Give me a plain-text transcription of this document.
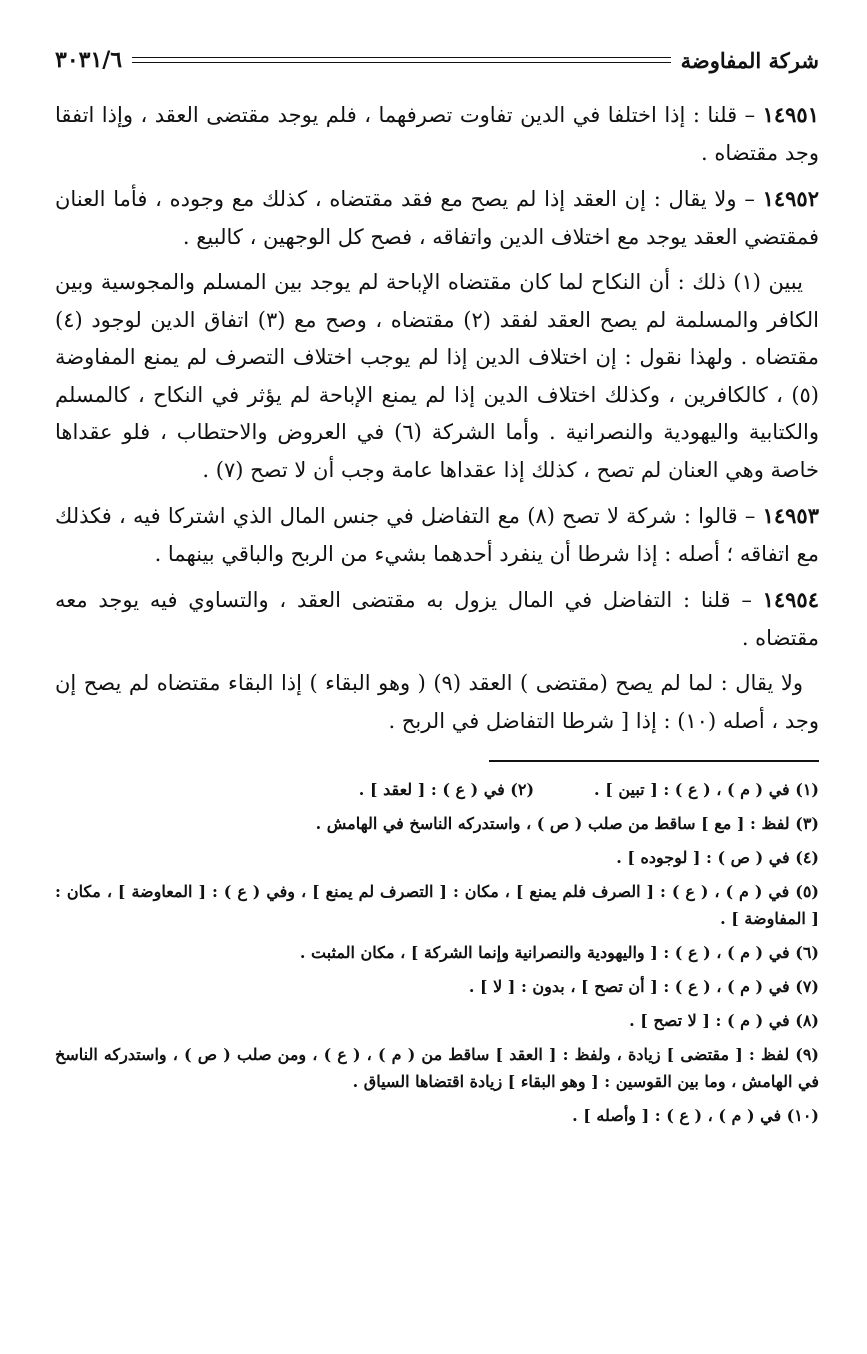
شركة المفاوضة
٣٠٣١/٦

١٤٩٥١ – قلنا : إذا اختلفا في الدين تفاوت تصرفهما ، فلم يوجد مقتضى العقد ، وإذا اتفقا وجد مقتضاه .

١٤٩٥٢ – ولا يقال : إن العقد إذا لم يصح مع فقد مقتضاه ، كذلك مع وجوده ، فأما العنان فمقتضي العقد يوجد مع اختلاف الدين واتفاقه ، فصح كل الوجهين ، كالبيع .

يبين (١) ذلك : أن النكاح لما كان مقتضاه الإباحة لم يوجد بين المسلم والمجوسية وبين الكافر والمسلمة لم يصح العقد لفقد (٢) مقتضاه ، وصح مع (٣) اتفاق الدين لوجود (٤) مقتضاه . ولهذا نقول : إن اختلاف الدين إذا لم يوجب اختلاف التصرف لم يمنع المفاوضة (٥) ، كالكافرين ، وكذلك اختلاف الدين إذا لم يمنع الإباحة لم يؤثر في النكاح ، كالمسلم والكتابية واليهودية والنصرانية . وأما الشركة (٦) في العروض والاحتطاب ، فلو عقداها خاصة وهي العنان لم تصح ، كذلك إذا عقداها عامة وجب أن لا تصح (٧) .

١٤٩٥٣ – قالوا : شركة لا تصح (٨) مع التفاضل في جنس المال الذي اشتركا فيه ، فكذلك مع اتفاقه ؛ أصله : إذا شرطا أن ينفرد أحدهما بشيء من الربح والباقي بينهما .

١٤٩٥٤ – قلنا : التفاضل في المال يزول به مقتضى العقد ، والتساوي فيه يوجد معه مقتضاه .

ولا يقال : لما لم يصح (مقتضى ) العقد (٩) ( وهو البقاء ) إذا البقاء مقتضاه لم يصح إن وجد ، أصله (١٠) : إذا [ شرطا التفاضل في الربح .

(١) في ( م ) ، ( ع ) : [ تبين ] .
(٢) في ( ع ) : [ لعقد ] .

(٣) لفظ : [ مع ] ساقط من صلب ( ص ) ، واستدركه الناسخ في الهامش .

(٤) في ( ص ) : [ لوجوده ] .

(٥) في ( م ) ، ( ع ) : [ الصرف فلم يمنع ] ، مكان : [ التصرف لم يمنع ] ، وفي ( ع ) : [ المعاوضة ] ، مكان : [ المفاوضة ] .

(٦) في ( م ) ، ( ع ) : [ واليهودية والنصرانية وإنما الشركة ] ، مكان المثبت .

(٧) في ( م ) ، ( ع ) : [ أن تصح ] ، بدون : [ لا ] .

(٨) في ( م ) : [ لا تصح ] .

(٩) لفظ : [ مقتضى ] زيادة ، ولفظ : [ العقد ] ساقط من ( م ) ، ( ع ) ، ومن صلب ( ص ) ، واستدركه الناسخ في الهامش ، وما بين القوسين : [ وهو البقاء ] زيادة اقتضاها السياق .

(١٠) في ( م ) ، ( ع ) : [ وأصله ] .
